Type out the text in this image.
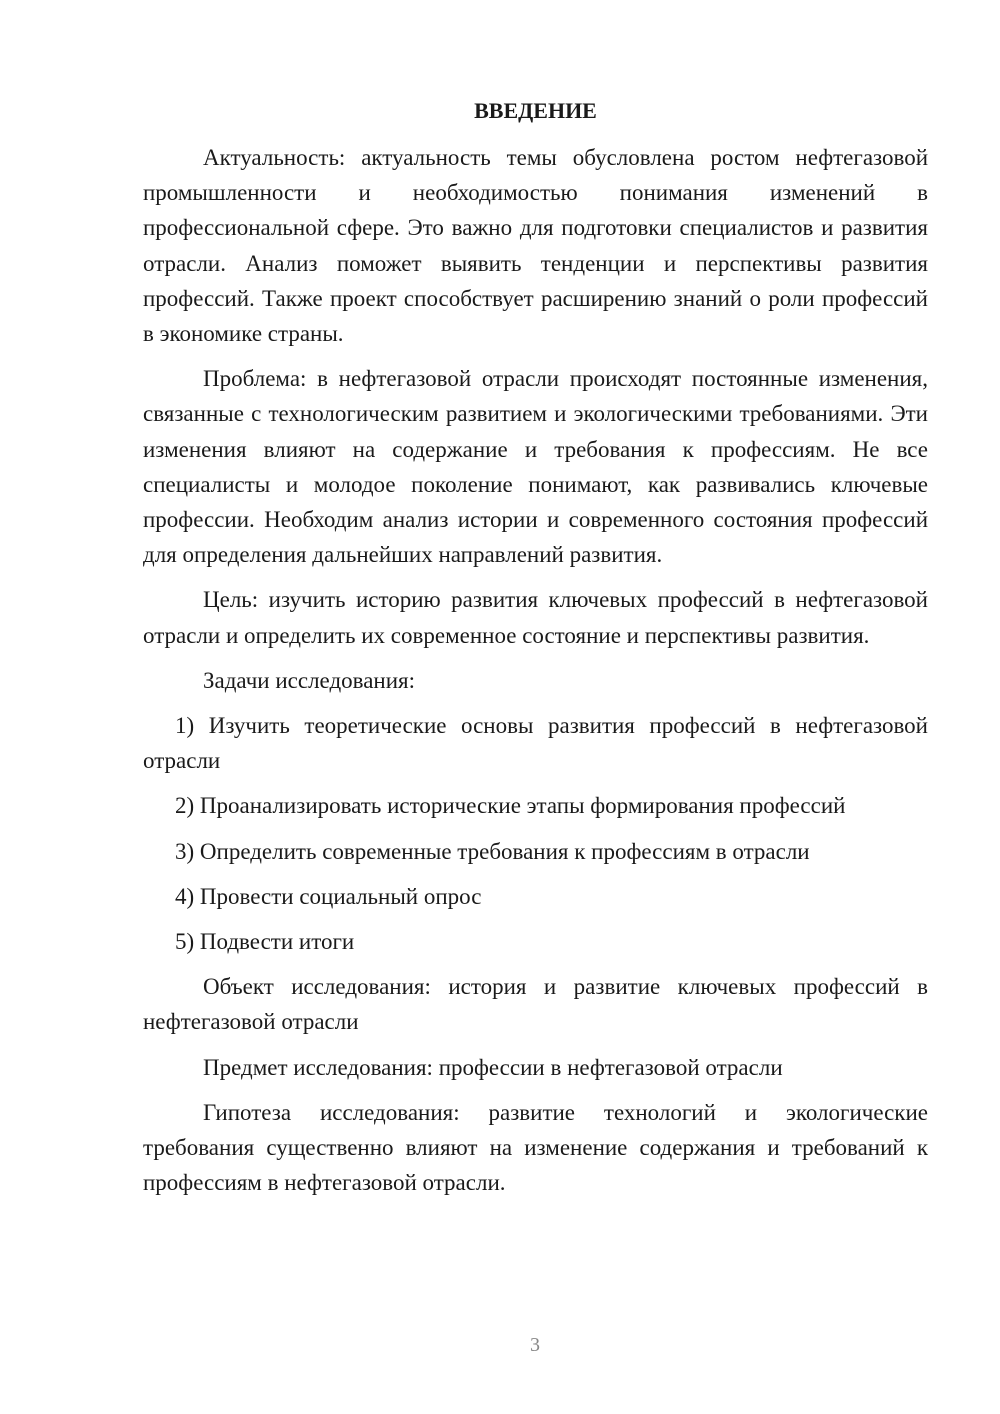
ВВЕДЕНИЕ

Актуальность: актуальность темы обусловлена ростом нефтегазовой промышленности и необходимостью понимания изменений в профессиональной сфере. Это важно для подготовки специалистов и развития отрасли. Анализ поможет выявить тенденции и перспективы развития профессий. Также проект способствует расширению знаний о роли профессий в экономике страны.

Проблема: в нефтегазовой отрасли происходят постоянные изменения, связанные с технологическим развитием и экологическими требованиями. Эти изменения влияют на содержание и требования к профессиям. Не все специалисты и молодое поколение понимают, как развивались ключевые профессии. Необходим анализ истории и современного состояния профессий для определения дальнейших направлений развития.

Цель: изучить историю развития ключевых профессий в нефтегазовой отрасли и определить их современное состояние и перспективы развития.

Задачи исследования:

1) Изучить теоретические основы развития профессий в нефтегазовой отрасли

2) Проанализировать исторические этапы формирования профессий

3) Определить современные требования к профессиям в отрасли

4) Провести социальный опрос

5) Подвести итоги

Объект исследования: история и развитие ключевых профессий в нефтегазовой отрасли

Предмет исследования: профессии в нефтегазовой отрасли

Гипотеза исследования: развитие технологий и экологические требования существенно влияют на изменение содержания и требований к профессиям в нефтегазовой отрасли.

3
